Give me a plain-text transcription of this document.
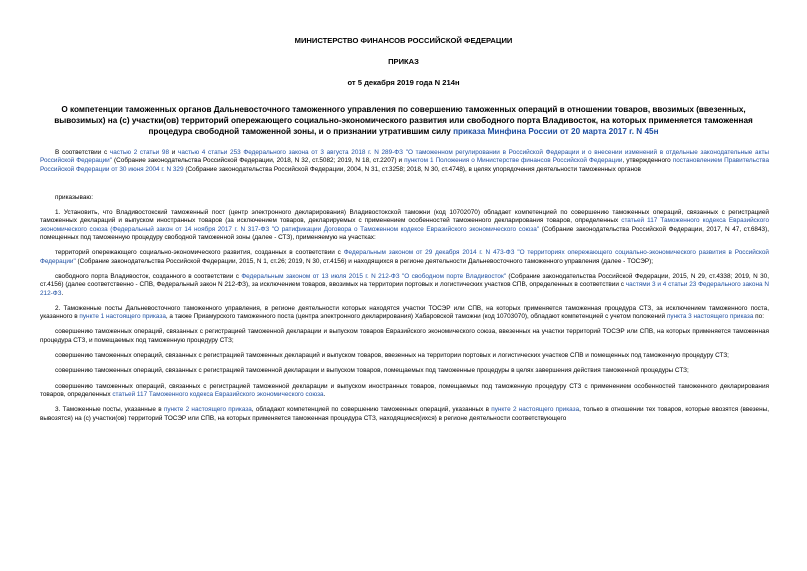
МИНИСТЕРСТВО ФИНАНСОВ РОССИЙСКОЙ ФЕДЕРАЦИИ
ПРИКАЗ
от 5 декабря 2019 года N 214н
О компетенции таможенных органов Дальневосточного таможенного управления по совершению таможенных операций в отношении товаров, ввозимых (ввезенных, вывозимых) на (с) участки(ов) территорий опережающего социально-экономического развития или свободного порта Владивосток, на которых применяется таможенная процедура свободной таможенной зоны, и о признании утратившим силу приказа Минфина России от 20 марта 2017 г. N 45н

В соответствии с частью 2 статьи 98 и частью 4 статьи 253 Федерального закона от 3 августа 2018 г. N 289-ФЗ "О таможенном регулировании в Российской Федерации и о внесении изменений в отдельные законодательные акты Российской Федерации" (Собрание законодательства Российской Федерации, 2018, N 32, ст.5082; 2019, N 18, ст.2207) и пунктом 1 Положения о Министерстве финансов Российской Федерации, утвержденного постановлением Правительства Российской Федерации от 30 июня 2004 г. N 329 (Собрание законодательства Российской Федерации, 2004, N 31, ст.3258; 2018, N 30, ст.4748), в целях упорядочения деятельности таможенных органов

приказываю:

1. Установить, что Владивостокский таможенный пост (центр электронного декларирования) Владивостокской таможни (код 10702070) обладает компетенцией по совершению таможенных операций, связанных с регистрацией таможенных деклараций и выпуском иностранных товаров (за исключением товаров, декларируемых с применением особенностей таможенного декларирования товаров, определенных статьей 117 Таможенного кодекса Евразийского экономического союза (Федеральный закон от 14 ноября 2017 г. N 317-ФЗ "О ратификации Договора о Таможенном кодексе Евразийского экономического союза" (Собрание законодательства Российской Федерации, 2017, N 47, ст.6843), помещенных под таможенную процедуру свободной таможенной зоны (далее - СТЗ), применяемую на участках:

территорий опережающего социально-экономического развития, созданных в соответствии с Федеральным законом от 29 декабря 2014 г. N 473-ФЗ "О территориях опережающего социально-экономического развития в Российской Федерации" (Собрание законодательства Российской Федерации, 2015, N 1, ст.26; 2019, N 30, ст.4156) и находящихся в регионе деятельности Дальневосточного таможенного управления (далее - ТОСЭР);

свободного порта Владивосток, созданного в соответствии с Федеральным законом от 13 июля 2015 г. N 212-ФЗ "О свободном порте Владивосток" (Собрание законодательства Российской Федерации, 2015, N 29, ст.4338; 2019, N 30, ст.4156) (далее соответственно - СПВ, Федеральный закон N 212-ФЗ), за исключением товаров, ввозимых на территории портовых и логистических участков СПВ, определенных в соответствии с частями 3 и 4 статьи 23 Федерального закона N 212-ФЗ.

2. Таможенные посты Дальневосточного таможенного управления, в регионе деятельности которых находятся участки ТОСЭР или СПВ, на которых применяется таможенная процедура СТЗ, за исключением таможенного поста, указанного в пункте 1 настоящего приказа, а также Приамурского таможенного поста (центра электронного декларирования) Хабаровской таможни (код 10703070), обладают компетенцией с учетом положений пункта 3 настоящего приказа по:

совершению таможенных операций, связанных с регистрацией таможенной декларации и выпуском товаров Евразийского экономического союза, ввезенных на участки территорий ТОСЭР или СПВ, на которых применяется таможенная процедура СТЗ, и помещаемых под таможенную процедуру СТЗ;

совершению таможенных операций, связанных с регистрацией таможенных деклараций и выпуском товаров, ввезенных на территории портовых и логистических участков СПВ и помещенных под таможенную процедуру СТЗ;

совершению таможенных операций, связанных с регистрацией таможенной декларации и выпуском товаров, помещаемых под таможенные процедуры в целях завершения действия таможенной процедуры СТЗ;

совершению таможенных операций, связанных с регистрацией таможенной декларации и выпуском иностранных товаров, помещаемых под таможенную процедуру СТЗ с применением особенностей таможенного декларирования товаров, определенных статьей 117 Таможенного кодекса Евразийского экономического союза.

3. Таможенные посты, указанные в пункте 2 настоящего приказа, обладают компетенцией по совершению таможенных операций, указанных в пункте 2 настоящего приказа, только в отношении тех товаров, которые ввозятся (ввезены, вывозятся) на (с) участки(ов) территорий ТОСЭР или СПВ, на которых применяется таможенная процедура СТЗ, находящиеся(ихся) в регионе деятельности соответствующего
